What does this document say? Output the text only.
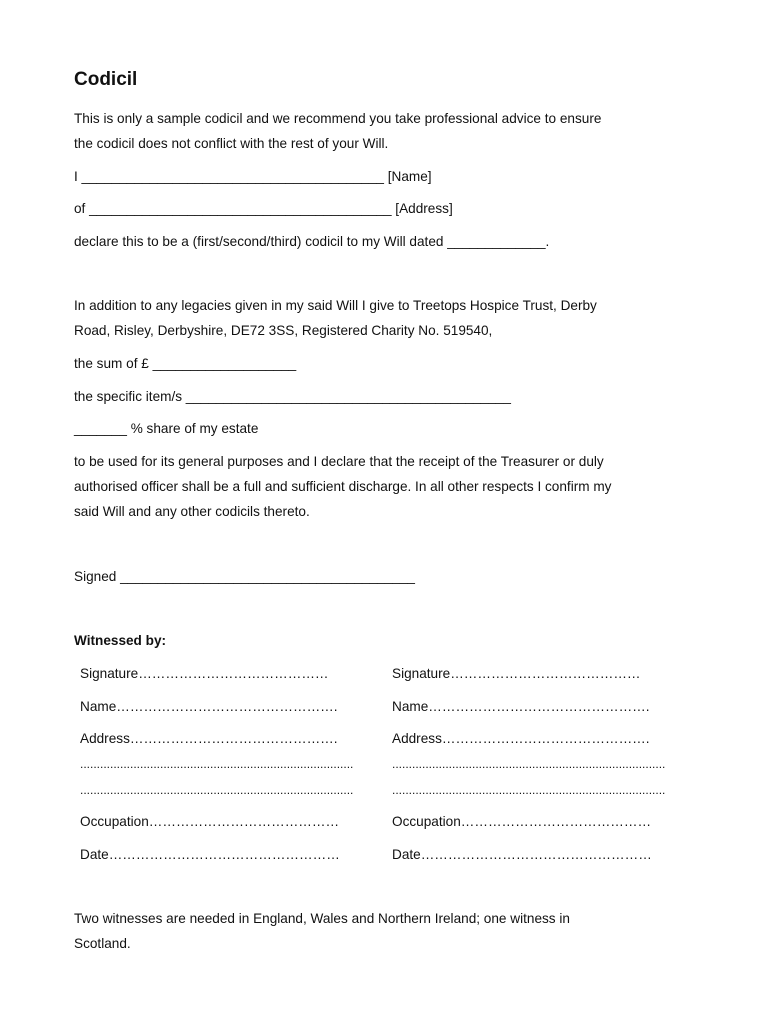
Codicil
This is only a sample codicil and we recommend you take professional advice to ensure
the codicil does not conflict with the rest of your Will.
I ________________________________________ [Name]
of ________________________________________ [Address]
declare this to be a (first/second/third) codicil to my Will dated _____________.
In addition to any legacies given in my said Will I give to Treetops Hospice Trust, Derby
Road, Risley, Derbyshire, DE72 3SS, Registered Charity No. 519540,
the sum of £ ___________________
the specific item/s ___________________________________________
_______ % share of my estate
to be used for its general purposes and I declare that the receipt of the Treasurer or duly
authorised officer shall be a full and sufficient discharge. In all other respects I confirm my
said Will and any other codicils thereto.
Signed _______________________________________
Witnessed by:
Signature……………………………………
Name………………………………………….
Address……………………………………….
..................................................................................
..................................................................................
Occupation……………………………………
Date……………………………………………
Signature……………………………………
Name………………………………………….
Address……………………………………….
..................................................................................
..................................................................................
Occupation……………………………………
Date……………………………………………
Two witnesses are needed in England, Wales and Northern Ireland; one witness in
Scotland.
